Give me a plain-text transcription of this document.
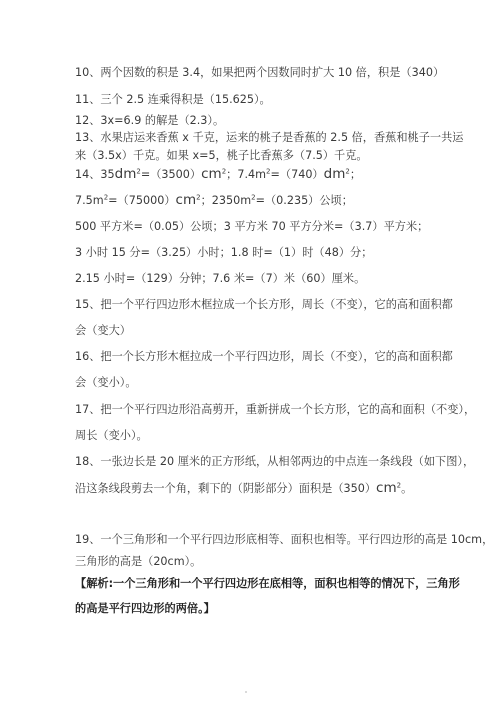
10、两个因数的积是 3.4，如果把两个因数同时扩大 10 倍，积是（340）
11、三个 2.5 连乘得积是（15.625）。
12、3x=6.9 的解是（2.3）。
13、水果店运来香蕉 x 千克，运来的桃子是香蕉的 2.5 倍，香蕉和桃子一共运
来（3.5x）千克。如果 x=5，桃子比香蕉多（7.5）千克。
14、$35dm^2=(3500)cm^2$；$7.4m^2=(740)dm^2$；
$7.5m^2=(75000)cm^2$；$2350m^2=(0.235)$公顷；
500 平方米=（0.05）公顷；3 平方米 70 平方分米=（3.7）平方米；
3 小时 15 分=（3.25）小时；1.8 时=（1）时（48）分；
2.15 小时=（129）分钟；7.6 米=（7）米（60）厘米。
15、把一个平行四边形木框拉成一个长方形，周长（不变），它的高和面积都
会（变大）
16、把一个长方形木框拉成一个平行四边形，周长（不变），它的高和面积都
会（变小）。
17、把一个平行四边形沿高剪开，重新拼成一个长方形，它的高和面积（不变），
周长（变小）。
18、一张边长是 20 厘米的正方形纸，从相邻两边的中点连一条线段（如下图），
沿这条线段剪去一个角，剩下的（阴影部分）面积是$(350)cm^2$。
19、一个三角形和一个平行四边形底相等、面积也相等。平行四边形的高是 10cm，
三角形的高是（20cm）。
【解析:一个三角形和一个平行四边形在底相等，面积也相等的情况下，三角形
的高是平行四边形的两倍。】
